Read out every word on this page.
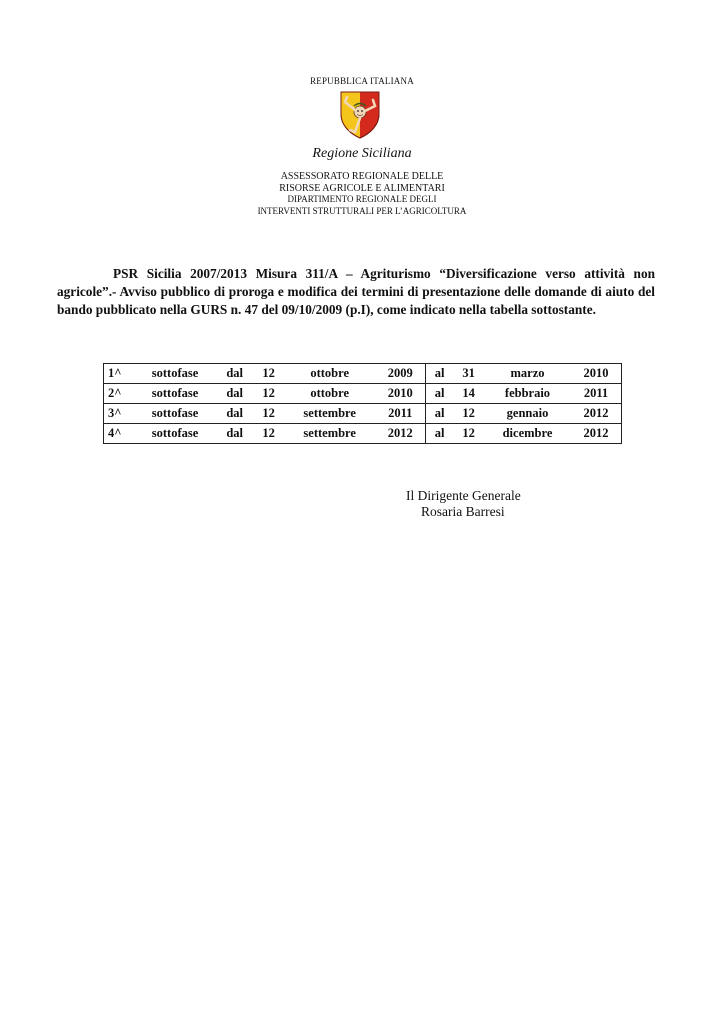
REPUBBLICA ITALIANA
Regione Siciliana
ASSESSORATO REGIONALE DELLE
RISORSE AGRICOLE E ALIMENTARI
DIPARTIMENTO REGIONALE DEGLI
INTERVENTI STRUTTURALI PER L’AGRICOLTURA
PSR Sicilia 2007/2013 Misura 311/A – Agriturismo “Diversificazione verso attività non agricole”.- Avviso pubblico di proroga e modifica dei termini di presentazione delle domande di aiuto del bando pubblicato nella GURS n. 47 del 09/10/2009 (p.I), come indicato nella tabella sottostante.
1^	sottofase	dal	12	ottobre	2009	al	31	marzo	2010
2^	sottofase	dal	12	ottobre	2010	al	14	febbraio	2011
3^	sottofase	dal	12	settembre	2011	al	12	gennaio	2012
4^	sottofase	dal	12	settembre	2012	al	12	dicembre	2012
Il Dirigente Generale
Rosaria Barresi
